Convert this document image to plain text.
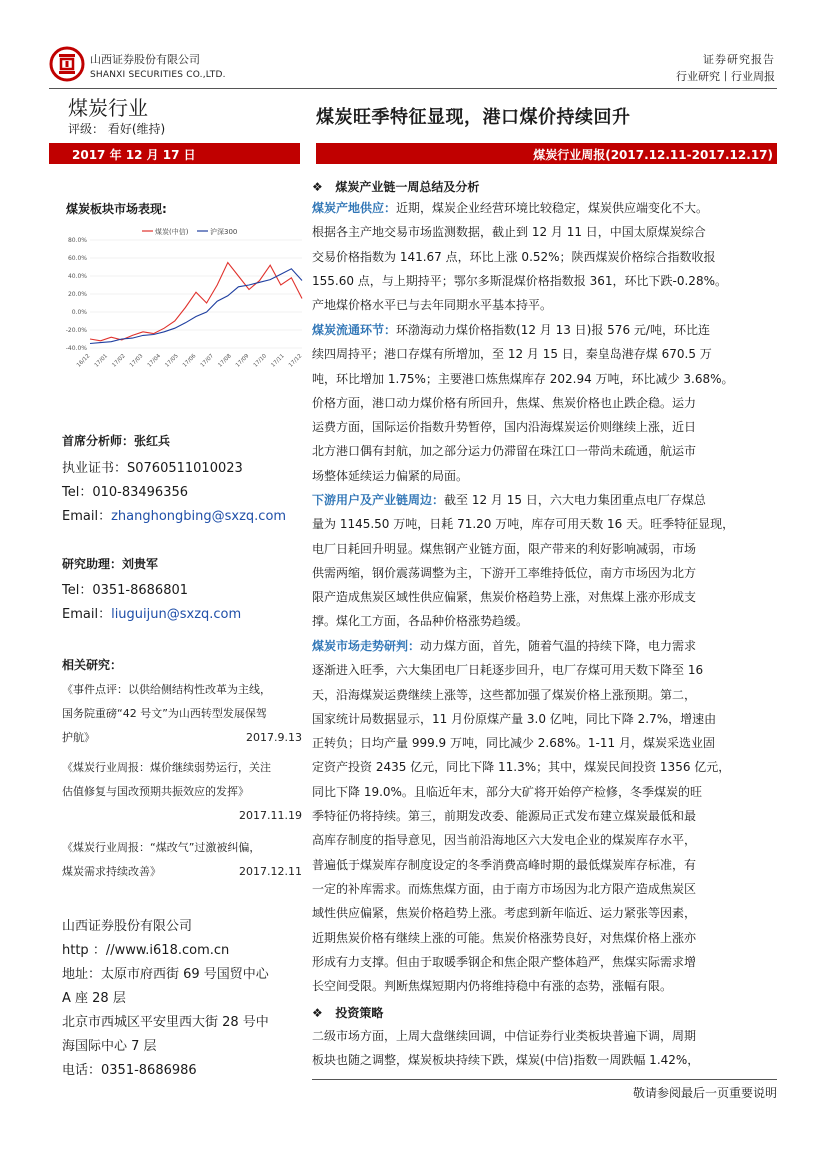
山西证券股份有限公司
SHANXI SECURITIES CO.,LTD.
证券研究报告
行业研究丨行业周报
煤炭行业
评级： 看好(维持)
煤炭旺季特征显现，港口煤价持续回升
2017 年 12 月 17 日	煤炭行业周报(2017.12.11-2017.12.17)
煤炭板块市场表现:
煤炭(中信)	沪深300
80.0%
60.0%
40.0%
20.0%
0.0%
-20.0%
-40.0%
16/12 17/01 17/02 17/03 17/04 17/05 17/06 17/07 17/08 17/09 17/10 17/11 17/12
首席分析师：张红兵
执业证书：S0760511010023
Tel：010-83496356
Email：zhanghongbing@sxzq.com
研究助理：刘贵军
Tel：0351-8686801
Email：liuguijun@sxzq.com
相关研究：
《事件点评：以供给侧结构性改革为主线，
国务院重磅“42 号文”为山西转型发展保驾
护航》	2017.9.13
《煤炭行业周报：煤价继续弱势运行，关注
估值修复与国改预期共振效应的发挥》
2017.11.19
《煤炭行业周报：“煤改气”过激被纠偏，
煤炭需求持续改善》	2017.12.11
山西证券股份有限公司
http ：//www.i618.com.cn
地址：太原市府西街 69 号国贸中心
A 座 28 层
北京市西城区平安里西大街 28 号中
海国际中心 7 层
电话：0351-8686986
❖ 煤炭产业链一周总结及分析
煤炭产地供应：近期，煤炭企业经营环境比较稳定，煤炭供应端变化不大。
根据各主产地交易市场监测数据，截止到 12 月 11 日，中国太原煤炭综合
交易价格指数为 141.67 点，环比上涨 0.52%；陕西煤炭价格综合指数收报
155.60 点，与上期持平；鄂尔多斯混煤价格指数报 361，环比下跌-0.28%。
产地煤价格水平已与去年同期水平基本持平。
煤炭流通环节：环渤海动力煤价格指数(12 月 13 日)报 576 元/吨，环比连
续四周持平；港口存煤有所增加，至 12 月 15 日，秦皇岛港存煤 670.5 万
吨，环比增加 1.75%；主要港口炼焦煤库存 202.94 万吨，环比减少 3.68%。
价格方面，港口动力煤价格有所回升，焦煤、焦炭价格也止跌企稳。运力
运费方面，国际运价指数升势暂停，国内沿海煤炭运价则继续上涨，近日
北方港口偶有封航，加之部分运力仍滞留在珠江口一带尚未疏通，航运市
场整体延续运力偏紧的局面。
下游用户及产业链周边：截至 12 月 15 日，六大电力集团重点电厂存煤总
量为 1145.50 万吨，日耗 71.20 万吨，库存可用天数 16 天。旺季特征显现，
电厂日耗回升明显。煤焦钢产业链方面，限产带来的利好影响减弱，市场
供需两缩，钢价震荡调整为主，下游开工率维持低位，南方市场因为北方
限产造成焦炭区域性供应偏紧，焦炭价格趋势上涨，对焦煤上涨亦形成支
撑。煤化工方面，各品种价格涨势趋缓。
煤炭市场走势研判：动力煤方面，首先，随着气温的持续下降，电力需求
逐渐进入旺季，六大集团电厂日耗逐步回升，电厂存煤可用天数下降至 16
天，沿海煤炭运费继续上涨等，这些都加强了煤炭价格上涨预期。第二，
国家统计局数据显示，11 月份原煤产量 3.0 亿吨，同比下降 2.7%，增速由
正转负；日均产量 999.9 万吨，同比减少 2.68%。1-11 月，煤炭采选业固
定资产投资 2435 亿元，同比下降 11.3%；其中，煤炭民间投资 1356 亿元，
同比下降 19.0%。且临近年末，部分大矿将开始停产检修，冬季煤炭的旺
季特征仍将持续。第三，前期发改委、能源局正式发布建立煤炭最低和最
高库存制度的指导意见，因当前沿海地区六大发电企业的煤炭库存水平，
普遍低于煤炭库存制度设定的冬季消费高峰时期的最低煤炭库存标准，有
一定的补库需求。而炼焦煤方面，由于南方市场因为北方限产造成焦炭区
域性供应偏紧，焦炭价格趋势上涨。考虑到新年临近、运力紧张等因素，
近期焦炭价格有继续上涨的可能。焦炭价格涨势良好，对焦煤价格上涨亦
形成有力支撑。但由于取暖季钢企和焦企限产整体趋严，焦煤实际需求增
长空间受限。判断焦煤短期内仍将维持稳中有涨的态势，涨幅有限。
❖ 投资策略
二级市场方面，上周大盘继续回调，中信证券行业类板块普遍下调，周期
板块也随之调整，煤炭板块持续下跌，煤炭(中信)指数一周跌幅 1.42%，
敬请参阅最后一页重要说明
